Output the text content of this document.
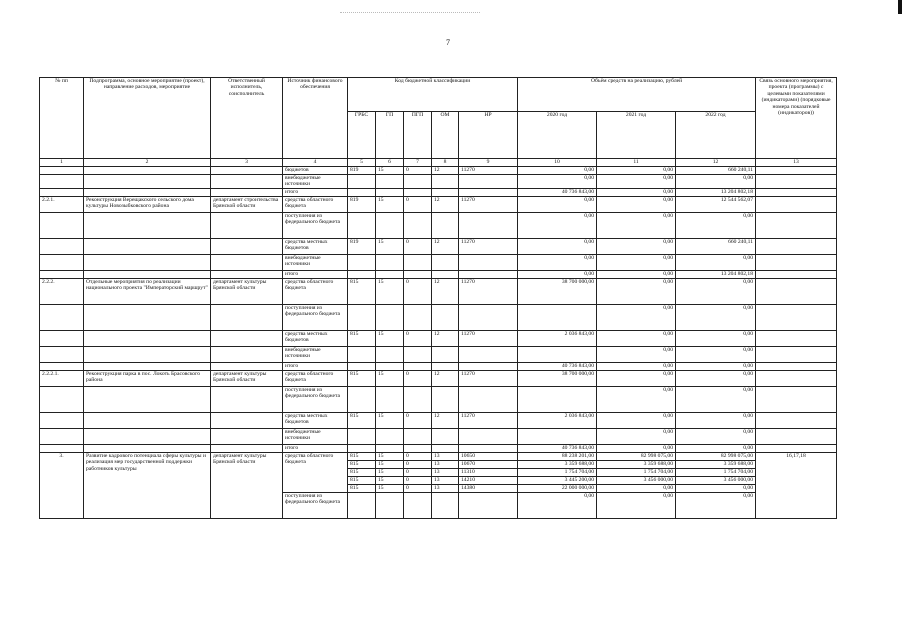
7
№ пп	Подпрограмма, основное мероприятие (проект), направление расходов, мероприятие	Ответственный исполнитель, соисполнитель	Источник финансового обеспечения	Код бюджетной классификации					Объём средств на реализацию, рублей			Связь основного мероприятия, проекта (программы) с целевыми показателями (индикаторами) (порядковые номера показателей (индикаторов))
				ГРБС	ГП	ПГП	ОМ	НР	2020 год	2021 год	2022 год	
1	2	3	4	5	6	7	8	9	10	11	12	13
			бюджетов	819	15	0	12	11270	0,00	0,00	660 240,11	
			внебюджетные источники						0,00	0,00	0,00	
			итого						40 736 843,00	0,00	13 204 802,18	
2.2.1.	Реконструкция Верещакского сельского дома культуры Новозыбковского района	департамент строительства Брянской области	средства областного бюджета	819	15	0	12	11270	0,00	0,00	12 544 562,07	
			поступления из федерального бюджета						0,00	0,00	0,00	
			средства местных бюджетов	819	15	0	12	11270	0,00	0,00	660 240,11	
			внебюджетные источники						0,00	0,00	0,00	
			итого						0,00	0,00	13 204 802,18	
2.2.2.	Отдельные мероприятия по реализации национального проекта "Императорский маршрут"	департамент культуры Брянской области	средства областного бюджета	815	15	0	12	11270	38 700 000,00	0,00	0,00	
			поступления из федерального бюджета							0,00	0,00	
			средства местных бюджетов	815	15	0	12	11270	2 036 843,00	0,00	0,00	
			внебюджетные источники							0,00	0,00	
			итого						40 736 843,00	0,00	0,00	
2.2.2.1.	Реконструкция парка в пос. Локоть Брасовского района	департамент культуры Брянской области	средства областного бюджета	815	15	0	12	11270	38 700 000,00	0,00	0,00	
			поступления из федерального бюджета							0,00	0,00	
			средства местных бюджетов	815	15	0	12	11270	2 036 843,00	0,00	0,00	
			внебюджетные источники							0,00	0,00	
			итого						40 736 843,00	0,00	0,00	
3.	Развитие кадрового потенциала сферы культуры и реализация мер государственной поддержки работников культуры	департамент культуры Брянской области	средства областного бюджета	815	15	0	13	10650	88 238 201,00	82 998 075,00	82 998 075,00	16,17,18
				815	15	0	13	10670	3 359 688,00	3 359 688,00	3 359 688,00	
				815	15	0	13	11310	1 754 704,00	1 754 704,00	1 754 704,00	
				815	15	0	13	14210	3 445 200,00	3 456 000,00	3 456 000,00	
				815	15	0	13	14380	22 000 000,00	0,00	0,00	
			поступления из федерального бюджета						0,00	0,00	0,00	
